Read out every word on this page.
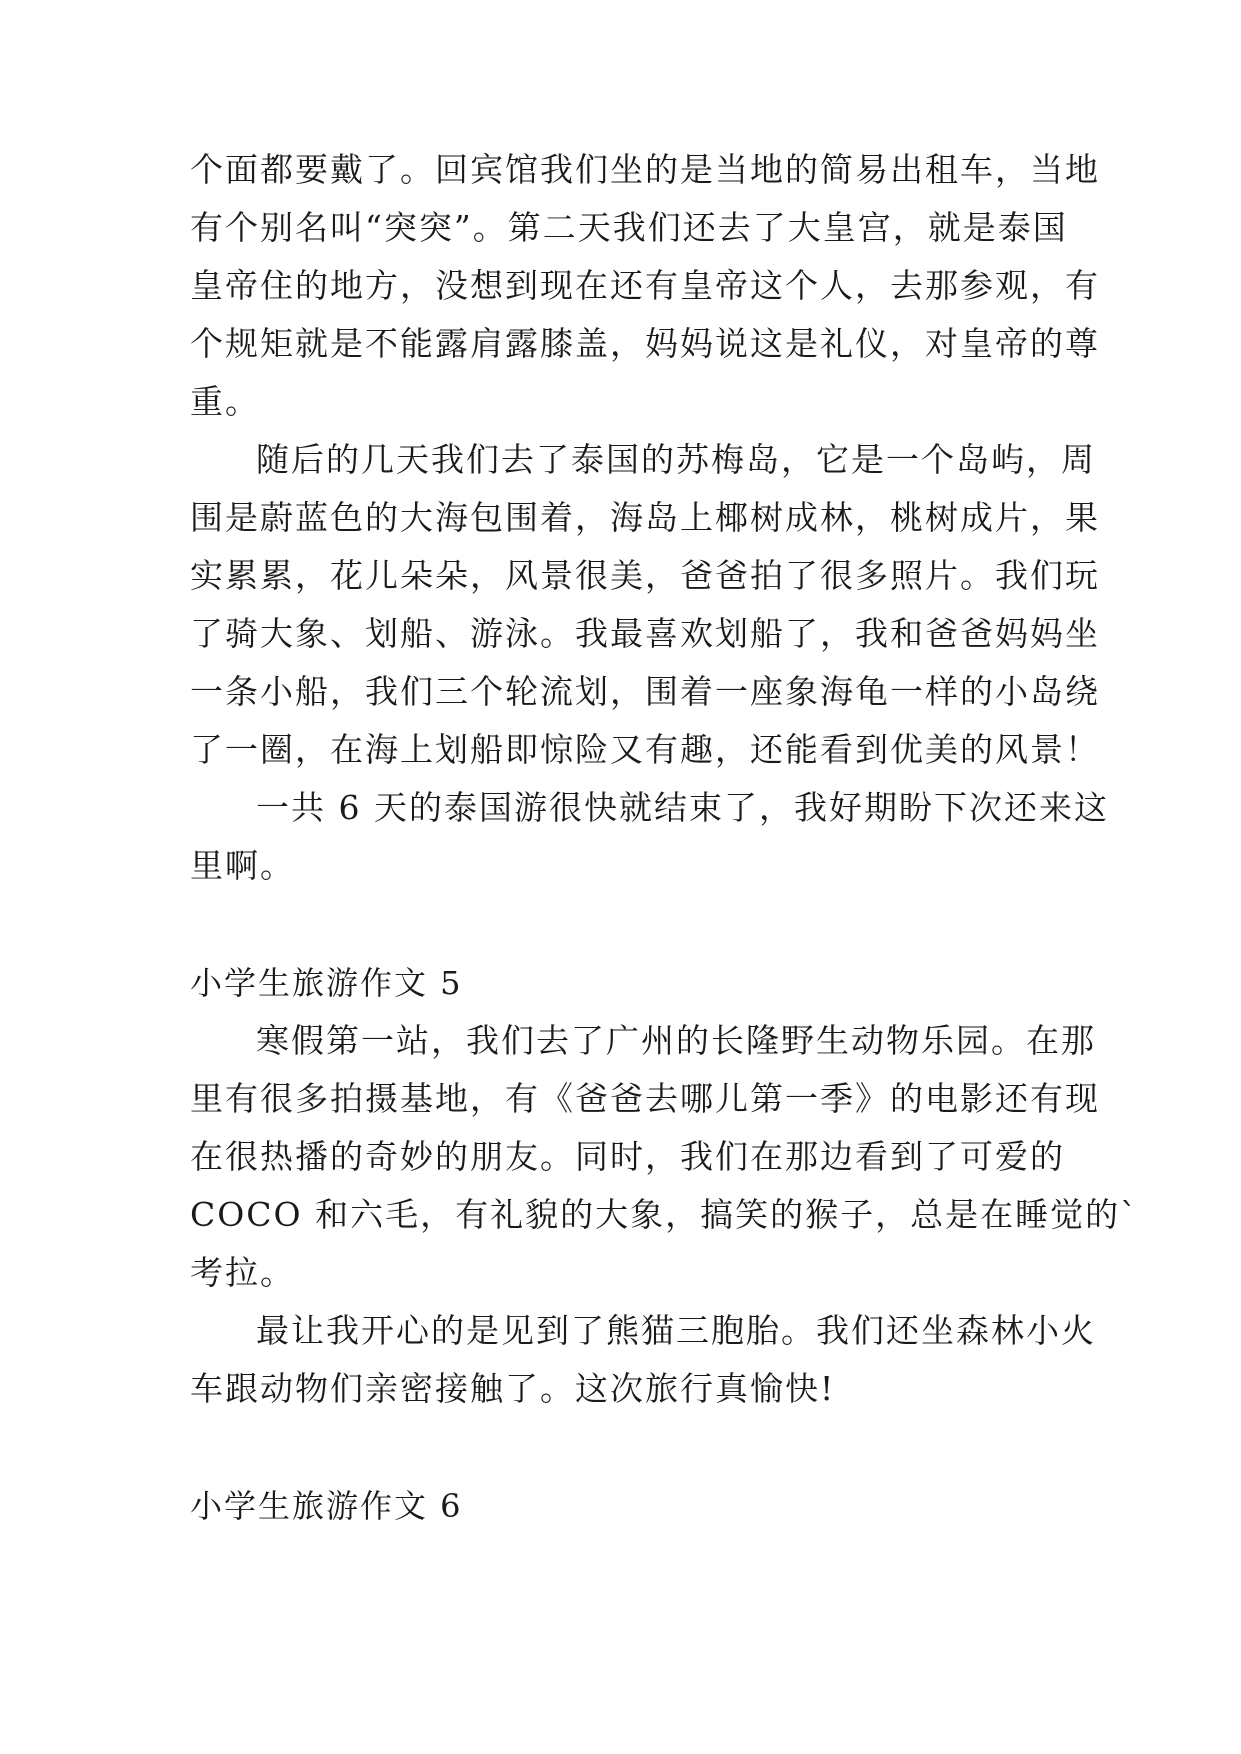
个面都要戴了。回宾馆我们坐的是当地的简易出租车，当地
有个别名叫“突突”。第二天我们还去了大皇宫，就是泰国
皇帝住的地方，没想到现在还有皇帝这个人，去那参观，有
个规矩就是不能露肩露膝盖，妈妈说这是礼仪，对皇帝的尊
重。
随后的几天我们去了泰国的苏梅岛，它是一个岛屿，周
围是蔚蓝色的大海包围着，海岛上椰树成林，桃树成片，果
实累累，花儿朵朵，风景很美，爸爸拍了很多照片。我们玩
了骑大象、划船、游泳。我最喜欢划船了，我和爸爸妈妈坐
一条小船，我们三个轮流划，围着一座象海龟一样的小岛绕
了一圈，在海上划船即惊险又有趣，还能看到优美的风景！
一共 6 天的泰国游很快就结束了，我好期盼下次还来这
里啊。
小学生旅游作文 5
寒假第一站，我们去了广州的长隆野生动物乐园。在那
里有很多拍摄基地，有《爸爸去哪儿第一季》的电影还有现
在很热播的奇妙的朋友。同时，我们在那边看到了可爱的
COCO 和六毛，有礼貌的大象，搞笑的猴子，总是在睡觉的`
考拉。
最让我开心的是见到了熊猫三胞胎。我们还坐森林小火
车跟动物们亲密接触了。这次旅行真愉快!
小学生旅游作文 6
